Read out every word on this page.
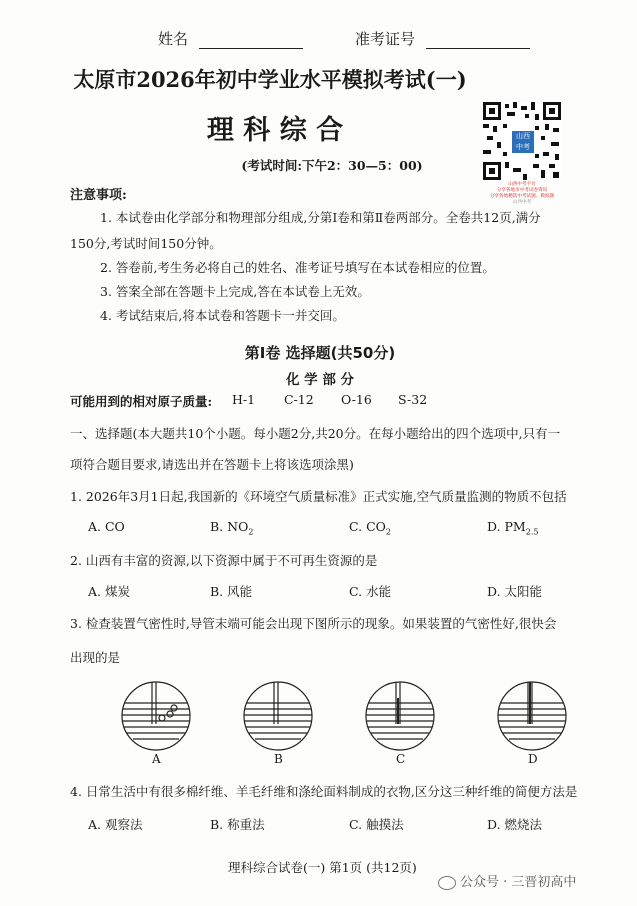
姓名	准考证号
太原市2026年初中学业水平模拟考试(一)
理 科 综 合
(考试时间:下午2：30—5：00)
山西
中考
山西中考平台
分享各地市中考试卷资讯
分享各地精选中考试题、模拟题
山西中考
注意事项:
1. 本试卷由化学部分和物理部分组成,分第Ⅰ卷和第Ⅱ卷两部分。全卷共12页,满分
150分,考试时间150分钟。
2. 答卷前,考生务必将自己的姓名、准考证号填写在本试卷相应的位置。
3. 答案全部在答题卡上完成,答在本试卷上无效。
4. 考试结束后,将本试卷和答题卡一并交回。
第Ⅰ卷 选择题(共50分)
化 学 部 分
可能用到的相对原子质量: H-1 C-12 O-16 S-32
一、选择题(本大题共10个小题。每小题2分,共20分。在每小题给出的四个选项中,只有一
项符合题目要求,请选出并在答题卡上将该选项涂黑)
1. 2026年3月1日起,我国新的《环境空气质量标准》正式实施,空气质量监测的物质不包括
A. CO	B. $NO_2$	C. $CO_2$	D. $PM_{2.5}$
2. 山西有丰富的资源,以下资源中属于不可再生资源的是
A. 煤炭	B. 风能	C. 水能	D. 太阳能
3. 检查装置气密性时,导管末端可能会出现下图所示的现象。如果装置的气密性好,很快会
出现的是
A	B	C	D
4. 日常生活中有很多棉纤维、羊毛纤维和涤纶面料制成的衣物,区分这三种纤维的简便方法是
A. 观察法	B. 称重法	C. 触摸法	D. 燃烧法
理科综合试卷(一) 第1页 (共12页)
公众号 · 三晋初高中
